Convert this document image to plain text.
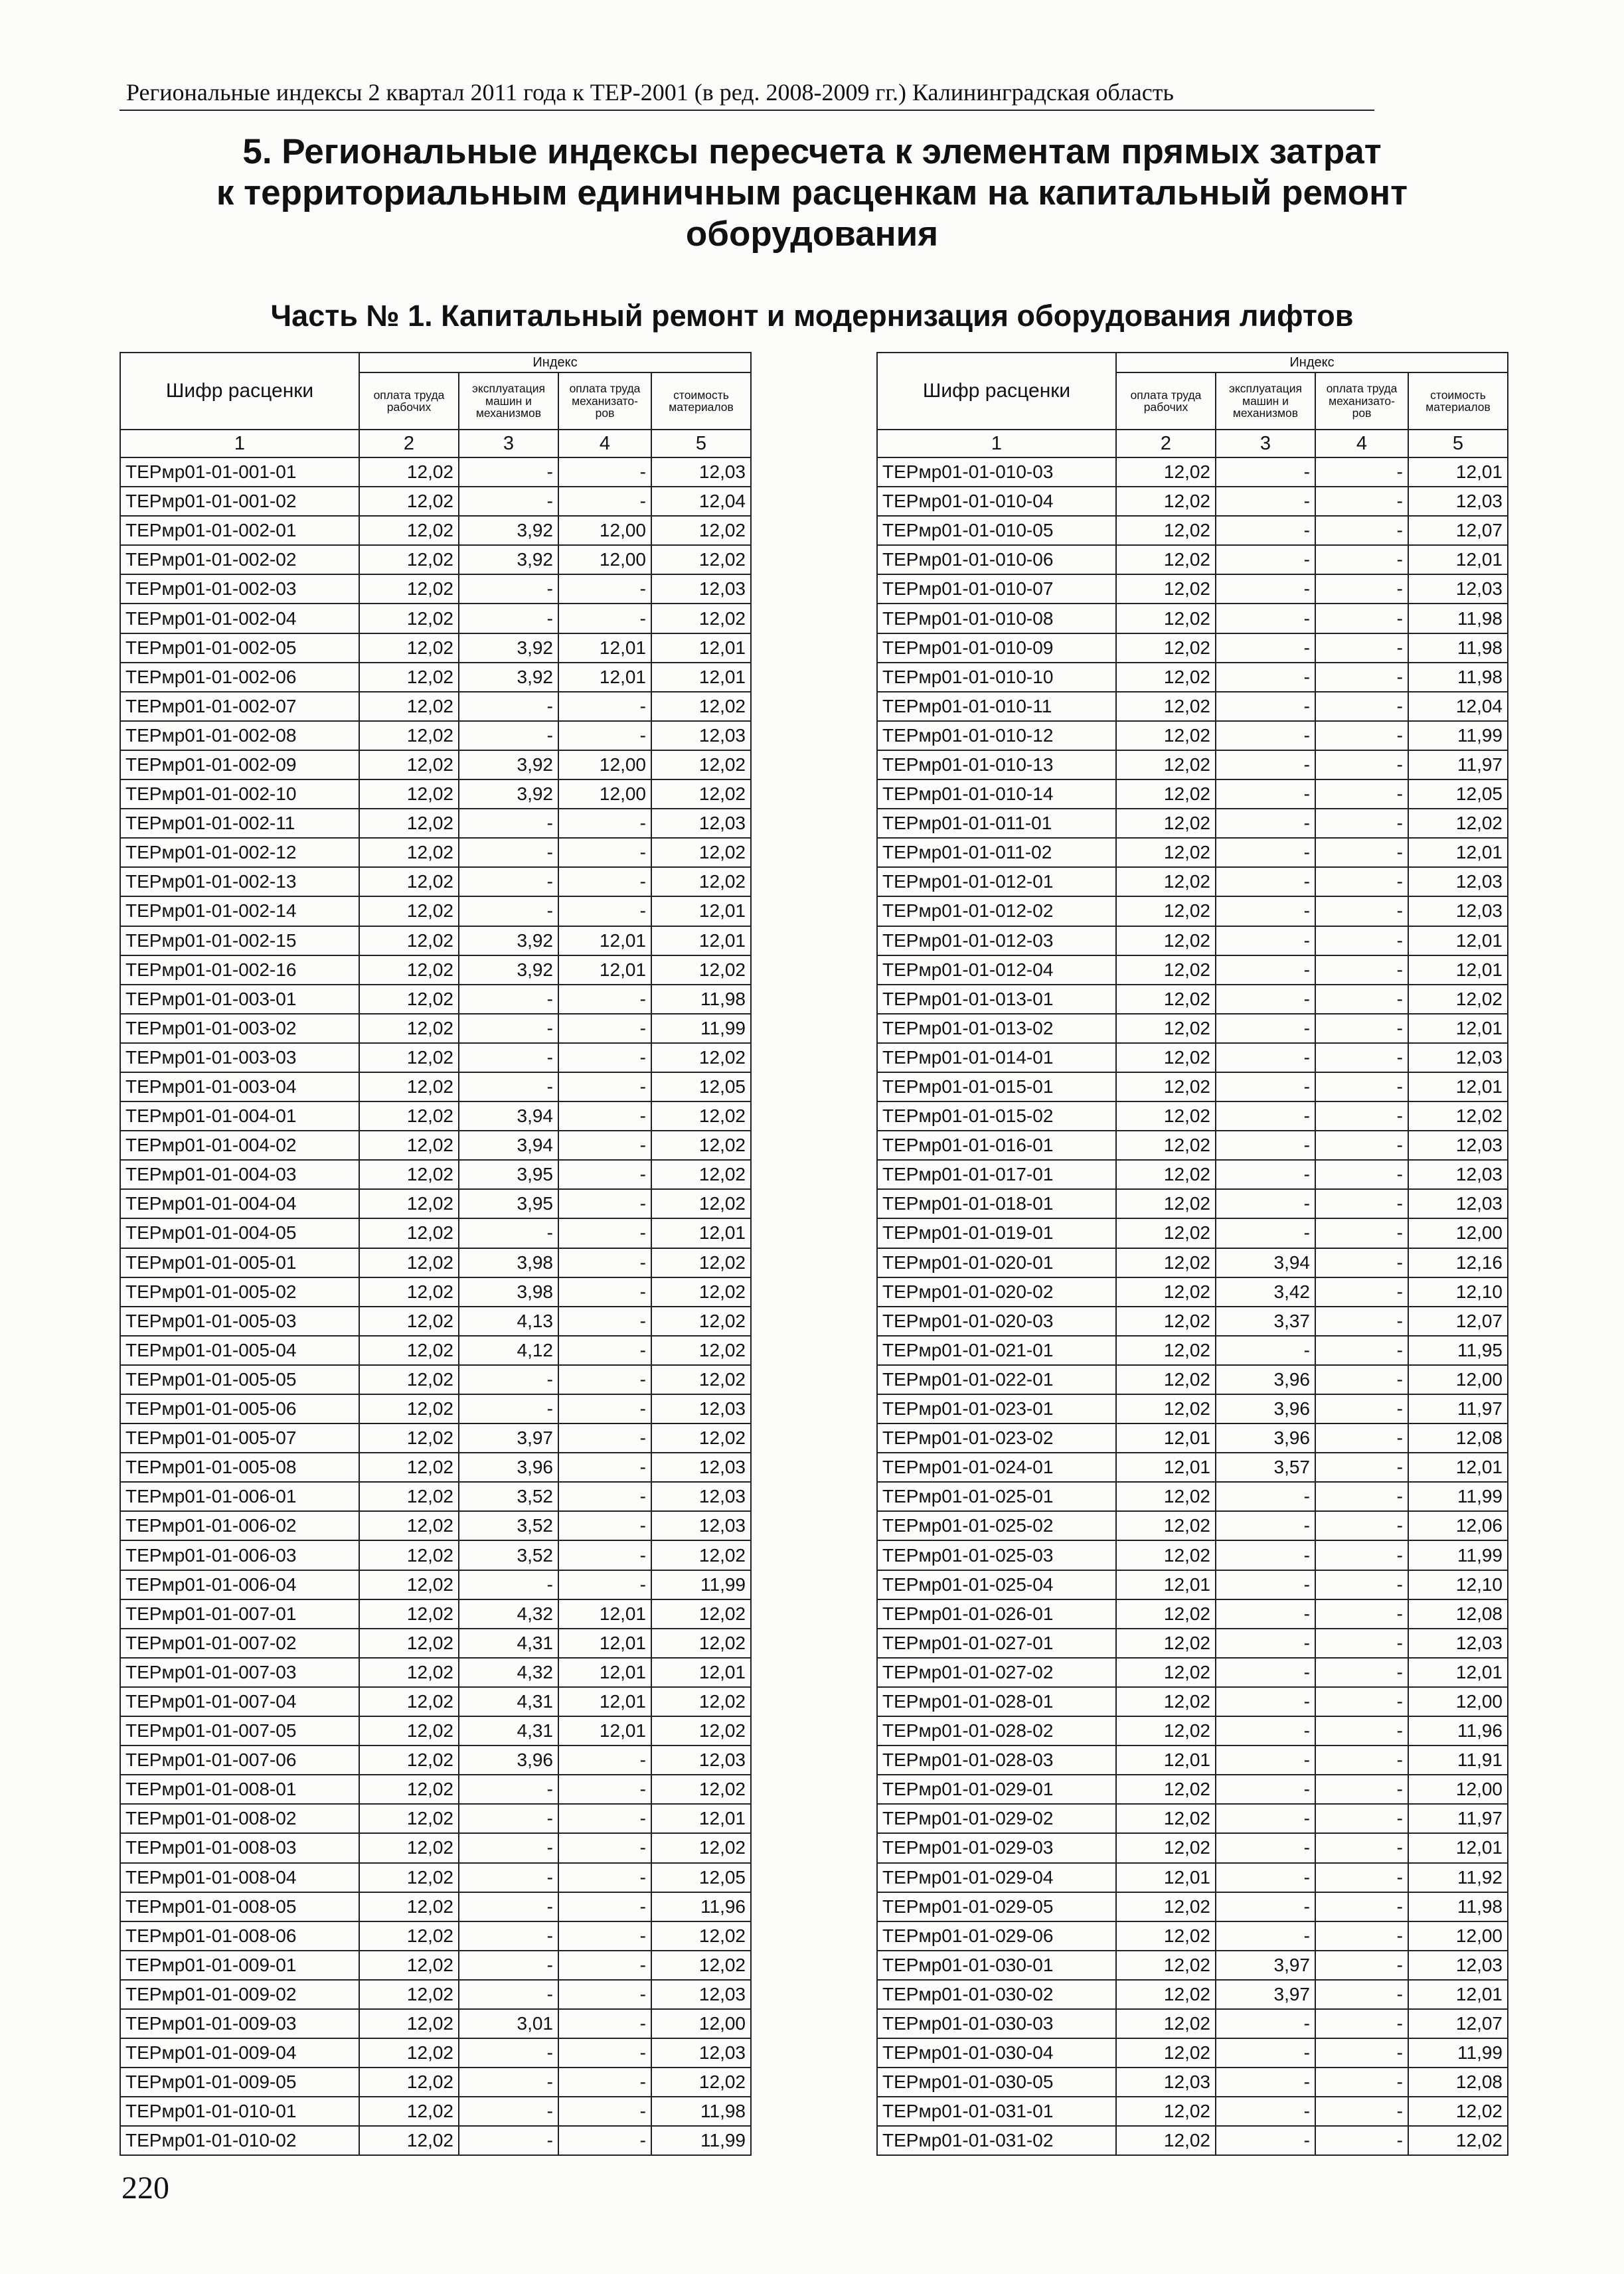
Региональные индексы 2 квартал 2011 года к ТЕР-2001 (в ред. 2008-2009 гг.) Калининградская область
5. Региональные индексы пересчета к элементам прямых затрат
к территориальным единичным расценкам на капитальный ремонт
оборудования
Часть № 1. Капитальный ремонт и модернизация оборудования лифтов
Шифр расценки	Индекс			
	оплата труда рабочих	эксплуатация машин и механизмов	оплата труда механизато- ров	стоимость материалов
1	2	3	4	5
ТЕРмр01-01-001-01	12,02	-	-	12,03
ТЕРмр01-01-001-02	12,02	-	-	12,04
ТЕРмр01-01-002-01	12,02	3,92	12,00	12,02
ТЕРмр01-01-002-02	12,02	3,92	12,00	12,02
ТЕРмр01-01-002-03	12,02	-	-	12,03
ТЕРмр01-01-002-04	12,02	-	-	12,02
ТЕРмр01-01-002-05	12,02	3,92	12,01	12,01
ТЕРмр01-01-002-06	12,02	3,92	12,01	12,01
ТЕРмр01-01-002-07	12,02	-	-	12,02
ТЕРмр01-01-002-08	12,02	-	-	12,03
ТЕРмр01-01-002-09	12,02	3,92	12,00	12,02
ТЕРмр01-01-002-10	12,02	3,92	12,00	12,02
ТЕРмр01-01-002-11	12,02	-	-	12,03
ТЕРмр01-01-002-12	12,02	-	-	12,02
ТЕРмр01-01-002-13	12,02	-	-	12,02
ТЕРмр01-01-002-14	12,02	-	-	12,01
ТЕРмр01-01-002-15	12,02	3,92	12,01	12,01
ТЕРмр01-01-002-16	12,02	3,92	12,01	12,02
ТЕРмр01-01-003-01	12,02	-	-	11,98
ТЕРмр01-01-003-02	12,02	-	-	11,99
ТЕРмр01-01-003-03	12,02	-	-	12,02
ТЕРмр01-01-003-04	12,02	-	-	12,05
ТЕРмр01-01-004-01	12,02	3,94	-	12,02
ТЕРмр01-01-004-02	12,02	3,94	-	12,02
ТЕРмр01-01-004-03	12,02	3,95	-	12,02
ТЕРмр01-01-004-04	12,02	3,95	-	12,02
ТЕРмр01-01-004-05	12,02	-	-	12,01
ТЕРмр01-01-005-01	12,02	3,98	-	12,02
ТЕРмр01-01-005-02	12,02	3,98	-	12,02
ТЕРмр01-01-005-03	12,02	4,13	-	12,02
ТЕРмр01-01-005-04	12,02	4,12	-	12,02
ТЕРмр01-01-005-05	12,02	-	-	12,02
ТЕРмр01-01-005-06	12,02	-	-	12,03
ТЕРмр01-01-005-07	12,02	3,97	-	12,02
ТЕРмр01-01-005-08	12,02	3,96	-	12,03
ТЕРмр01-01-006-01	12,02	3,52	-	12,03
ТЕРмр01-01-006-02	12,02	3,52	-	12,03
ТЕРмр01-01-006-03	12,02	3,52	-	12,02
ТЕРмр01-01-006-04	12,02	-	-	11,99
ТЕРмр01-01-007-01	12,02	4,32	12,01	12,02
ТЕРмр01-01-007-02	12,02	4,31	12,01	12,02
ТЕРмр01-01-007-03	12,02	4,32	12,01	12,01
ТЕРмр01-01-007-04	12,02	4,31	12,01	12,02
ТЕРмр01-01-007-05	12,02	4,31	12,01	12,02
ТЕРмр01-01-007-06	12,02	3,96	-	12,03
ТЕРмр01-01-008-01	12,02	-	-	12,02
ТЕРмр01-01-008-02	12,02	-	-	12,01
ТЕРмр01-01-008-03	12,02	-	-	12,02
ТЕРмр01-01-008-04	12,02	-	-	12,05
ТЕРмр01-01-008-05	12,02	-	-	11,96
ТЕРмр01-01-008-06	12,02	-	-	12,02
ТЕРмр01-01-009-01	12,02	-	-	12,02
ТЕРмр01-01-009-02	12,02	-	-	12,03
ТЕРмр01-01-009-03	12,02	3,01	-	12,00
ТЕРмр01-01-009-04	12,02	-	-	12,03
ТЕРмр01-01-009-05	12,02	-	-	12,02
ТЕРмр01-01-010-01	12,02	-	-	11,98
ТЕРмр01-01-010-02	12,02	-	-	11,99
Шифр расценки	Индекс			
	оплата труда рабочих	эксплуатация машин и механизмов	оплата труда механизато- ров	стоимость материалов
1	2	3	4	5
ТЕРмр01-01-010-03	12,02	-	-	12,01
ТЕРмр01-01-010-04	12,02	-	-	12,03
ТЕРмр01-01-010-05	12,02	-	-	12,07
ТЕРмр01-01-010-06	12,02	-	-	12,01
ТЕРмр01-01-010-07	12,02	-	-	12,03
ТЕРмр01-01-010-08	12,02	-	-	11,98
ТЕРмр01-01-010-09	12,02	-	-	11,98
ТЕРмр01-01-010-10	12,02	-	-	11,98
ТЕРмр01-01-010-11	12,02	-	-	12,04
ТЕРмр01-01-010-12	12,02	-	-	11,99
ТЕРмр01-01-010-13	12,02	-	-	11,97
ТЕРмр01-01-010-14	12,02	-	-	12,05
ТЕРмр01-01-011-01	12,02	-	-	12,02
ТЕРмр01-01-011-02	12,02	-	-	12,01
ТЕРмр01-01-012-01	12,02	-	-	12,03
ТЕРмр01-01-012-02	12,02	-	-	12,03
ТЕРмр01-01-012-03	12,02	-	-	12,01
ТЕРмр01-01-012-04	12,02	-	-	12,01
ТЕРмр01-01-013-01	12,02	-	-	12,02
ТЕРмр01-01-013-02	12,02	-	-	12,01
ТЕРмр01-01-014-01	12,02	-	-	12,03
ТЕРмр01-01-015-01	12,02	-	-	12,01
ТЕРмр01-01-015-02	12,02	-	-	12,02
ТЕРмр01-01-016-01	12,02	-	-	12,03
ТЕРмр01-01-017-01	12,02	-	-	12,03
ТЕРмр01-01-018-01	12,02	-	-	12,03
ТЕРмр01-01-019-01	12,02	-	-	12,00
ТЕРмр01-01-020-01	12,02	3,94	-	12,16
ТЕРмр01-01-020-02	12,02	3,42	-	12,10
ТЕРмр01-01-020-03	12,02	3,37	-	12,07
ТЕРмр01-01-021-01	12,02	-	-	11,95
ТЕРмр01-01-022-01	12,02	3,96	-	12,00
ТЕРмр01-01-023-01	12,02	3,96	-	11,97
ТЕРмр01-01-023-02	12,01	3,96	-	12,08
ТЕРмр01-01-024-01	12,01	3,57	-	12,01
ТЕРмр01-01-025-01	12,02	-	-	11,99
ТЕРмр01-01-025-02	12,02	-	-	12,06
ТЕРмр01-01-025-03	12,02	-	-	11,99
ТЕРмр01-01-025-04	12,01	-	-	12,10
ТЕРмр01-01-026-01	12,02	-	-	12,08
ТЕРмр01-01-027-01	12,02	-	-	12,03
ТЕРмр01-01-027-02	12,02	-	-	12,01
ТЕРмр01-01-028-01	12,02	-	-	12,00
ТЕРмр01-01-028-02	12,02	-	-	11,96
ТЕРмр01-01-028-03	12,01	-	-	11,91
ТЕРмр01-01-029-01	12,02	-	-	12,00
ТЕРмр01-01-029-02	12,02	-	-	11,97
ТЕРмр01-01-029-03	12,02	-	-	12,01
ТЕРмр01-01-029-04	12,01	-	-	11,92
ТЕРмр01-01-029-05	12,02	-	-	11,98
ТЕРмр01-01-029-06	12,02	-	-	12,00
ТЕРмр01-01-030-01	12,02	3,97	-	12,03
ТЕРмр01-01-030-02	12,02	3,97	-	12,01
ТЕРмр01-01-030-03	12,02	-	-	12,07
ТЕРмр01-01-030-04	12,02	-	-	11,99
ТЕРмр01-01-030-05	12,03	-	-	12,08
ТЕРмр01-01-031-01	12,02	-	-	12,02
ТЕРмр01-01-031-02	12,02	-	-	12,02
220
